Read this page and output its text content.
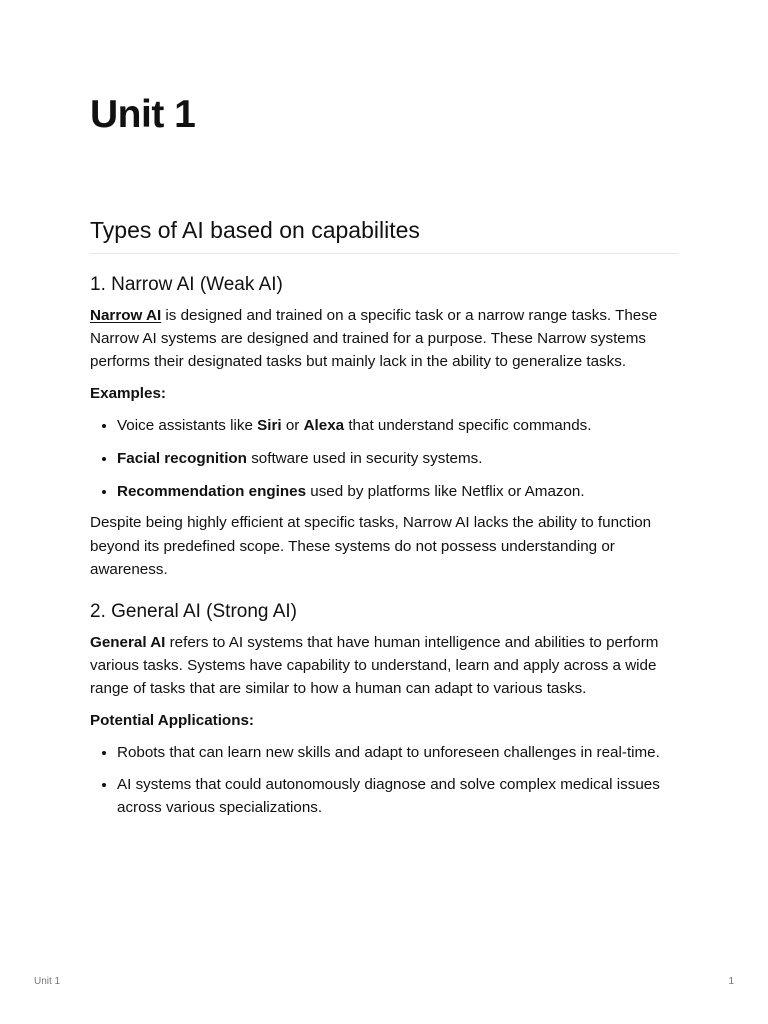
Unit 1
Types of AI based on capabilites
1. Narrow AI (Weak AI)

Narrow AI is designed and trained on a specific task or a narrow range tasks. These Narrow AI systems are designed and trained for a purpose. These Narrow systems performs their designated tasks but mainly lack in the ability to generalize tasks.

Examples:

• Voice assistants like Siri or Alexa that understand specific commands.
• Facial recognition software used in security systems.
• Recommendation engines used by platforms like Netflix or Amazon.

Despite being highly efficient at specific tasks, Narrow AI lacks the ability to function beyond its predefined scope. These systems do not possess understanding or awareness.

2. General AI (Strong AI)

General AI refers to AI systems that have human intelligence and abilities to perform various tasks. Systems have capability to understand, learn and apply across a wide range of tasks that are similar to how a human can adapt to various tasks.

Potential Applications:

• Robots that can learn new skills and adapt to unforeseen challenges in real-time.
• AI systems that could autonomously diagnose and solve complex medical issues across various specializations.
Unit 1	1
